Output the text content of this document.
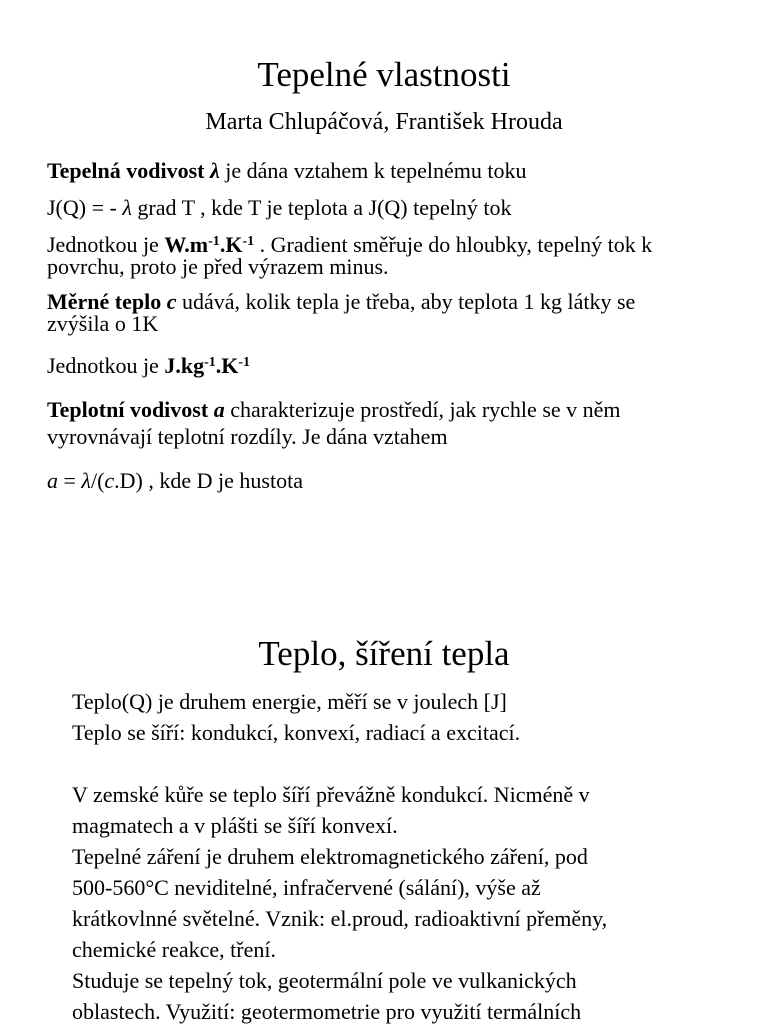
Tepelné vlastnosti
Marta Chlupáčová, František Hrouda
Tepelná vodivost λ je dána vztahem k tepelnému toku
J(Q) = - λ grad T , kde T je teplota a J(Q) tepelný tok
Jednotkou je $W.m^{-1}.K^{-1}$ . Gradient směřuje do hloubky, tepelný tok k
povrchu, proto je před výrazem minus.
Měrné teplo c udává, kolik tepla je třeba, aby teplota 1 kg látky se
zvýšila o 1K
Jednotkou je $J.kg^{-1}.K^{-1}$
Teplotní vodivost a charakterizuje prostředí, jak rychle se v něm
vyrovnávají teplotní rozdíly. Je dána vztahem
a = λ/(c.D) , kde D je hustota
Teplo, šíření tepla
Teplo(Q) je druhem energie, měří se v joulech [J]
Teplo se šíří: kondukcí, konvexí, radiací a excitací.
V zemské kůře se teplo šíří převážně kondukcí. Nicméně v
magmatech a v plášti se šíří konvexí.
Tepelné záření je druhem elektromagnetického záření, pod
500-560°C neviditelné, infračervené (sálání), výše až
krátkovlnné světelné. Vznik: el.proud, radioaktivní přeměny,
chemické reakce, tření.
Studuje se tepelný tok, geotermální pole ve vulkanických
oblastech. Využití: geotermometrie pro využití termálních
